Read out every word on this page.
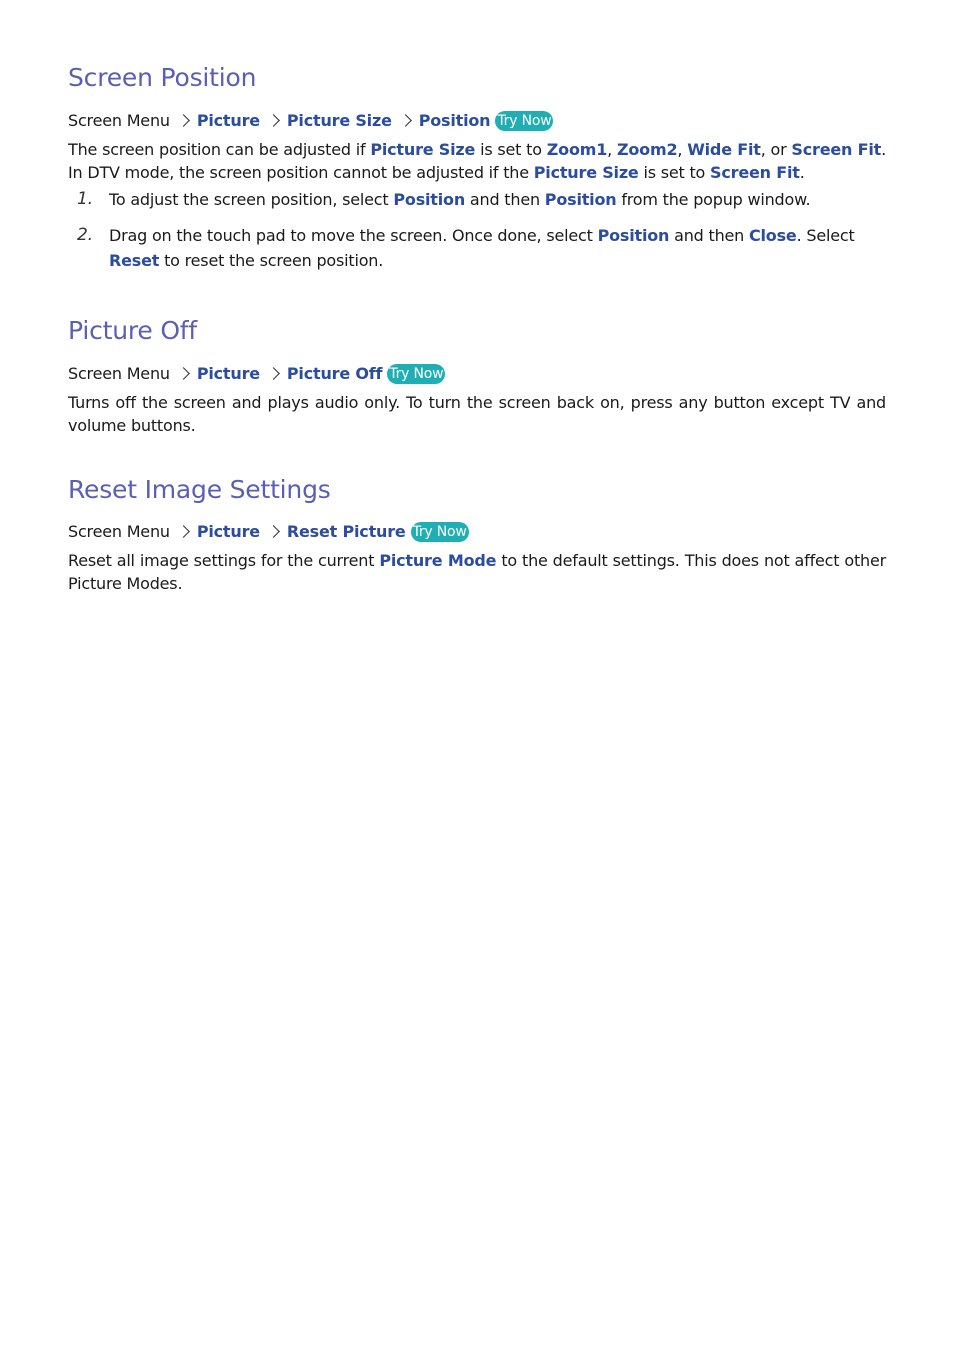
Screen Position
Screen Menu Picture Picture Size Position Try Now
The screen position can be adjusted if Picture Size is set to Zoom1, Zoom2, Wide Fit, or Screen Fit. In DTV mode, the screen position cannot be adjusted if the Picture Size is set to Screen Fit.
1. To adjust the screen position, select Position and then Position from the popup window.
2. Drag on the touch pad to move the screen. Once done, select Position and then Close. Select Reset to reset the screen position.
Picture Off
Screen Menu Picture Picture Off Try Now
Turns off the screen and plays audio only. To turn the screen back on, press any button except TV and volume buttons.
Reset Image Settings
Screen Menu Picture Reset Picture Try Now
Reset all image settings for the current Picture Mode to the default settings. This does not affect other Picture Modes.
